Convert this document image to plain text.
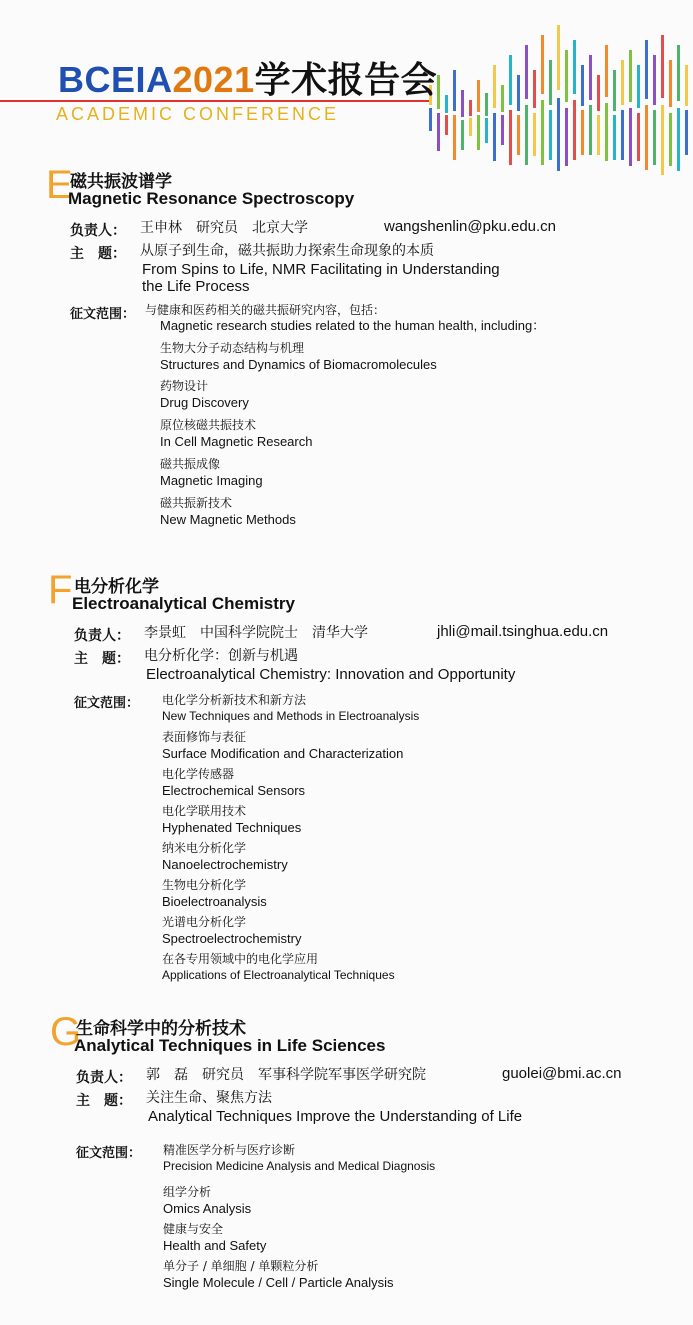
BCEIA2021学术报告会
ACADEMIC CONFERENCE
E
磁共振波谱学
Magnetic Resonance Spectroscopy
负责人： 王申林　研究员　北京大学	wangshenlin@pku.edu.cn
主　题： 从原子到生命，磁共振助力探索生命现象的本质
From Spins to Life, NMR Facilitating in Understanding
the Life Process
征文范围： 与健康和医药相关的磁共振研究内容，包括：
Magnetic research studies related to the human health, including：
生物大分子动态结构与机理
Structures and Dynamics of Biomacromolecules
药物设计
Drug Discovery
原位核磁共振技术
In Cell Magnetic Research
磁共振成像
Magnetic Imaging
磁共振新技术
New Magnetic Methods
F 电分析化学
Electroanalytical Chemistry
负责人： 李景虹　中国科学院院士　清华大学	jhli@mail.tsinghua.edu.cn
主　题： 电分析化学：创新与机遇
Electroanalytical Chemistry: Innovation and Opportunity
征文范围： 电化学分析新技术和新方法
New Techniques and Methods in Electroanalysis
表面修饰与表征
Surface Modification and Characterization
电化学传感器
Electrochemical Sensors
电化学联用技术
Hyphenated Techniques
纳米电分析化学
Nanoelectrochemistry
生物电分析化学
Bioelectroanalysis
光谱电分析化学
Spectroelectrochemistry
在各专用领域中的电化学应用
Applications of Electroanalytical Techniques
G
生命科学中的分析技术
Analytical Techniques in Life Sciences
负责人： 郭　磊　研究员　军事科学院军事医学研究院	guolei@bmi.ac.cn
主　题： 关注生命、聚焦方法
Analytical Techniques Improve the Understanding of Life
征文范围： 精准医学分析与医疗诊断
Precision Medicine Analysis and Medical Diagnosis
组学分析
Omics Analysis
健康与安全
Health and Safety
单分子 / 单细胞 / 单颗粒分析
Single Molecule / Cell / Particle Analysis
